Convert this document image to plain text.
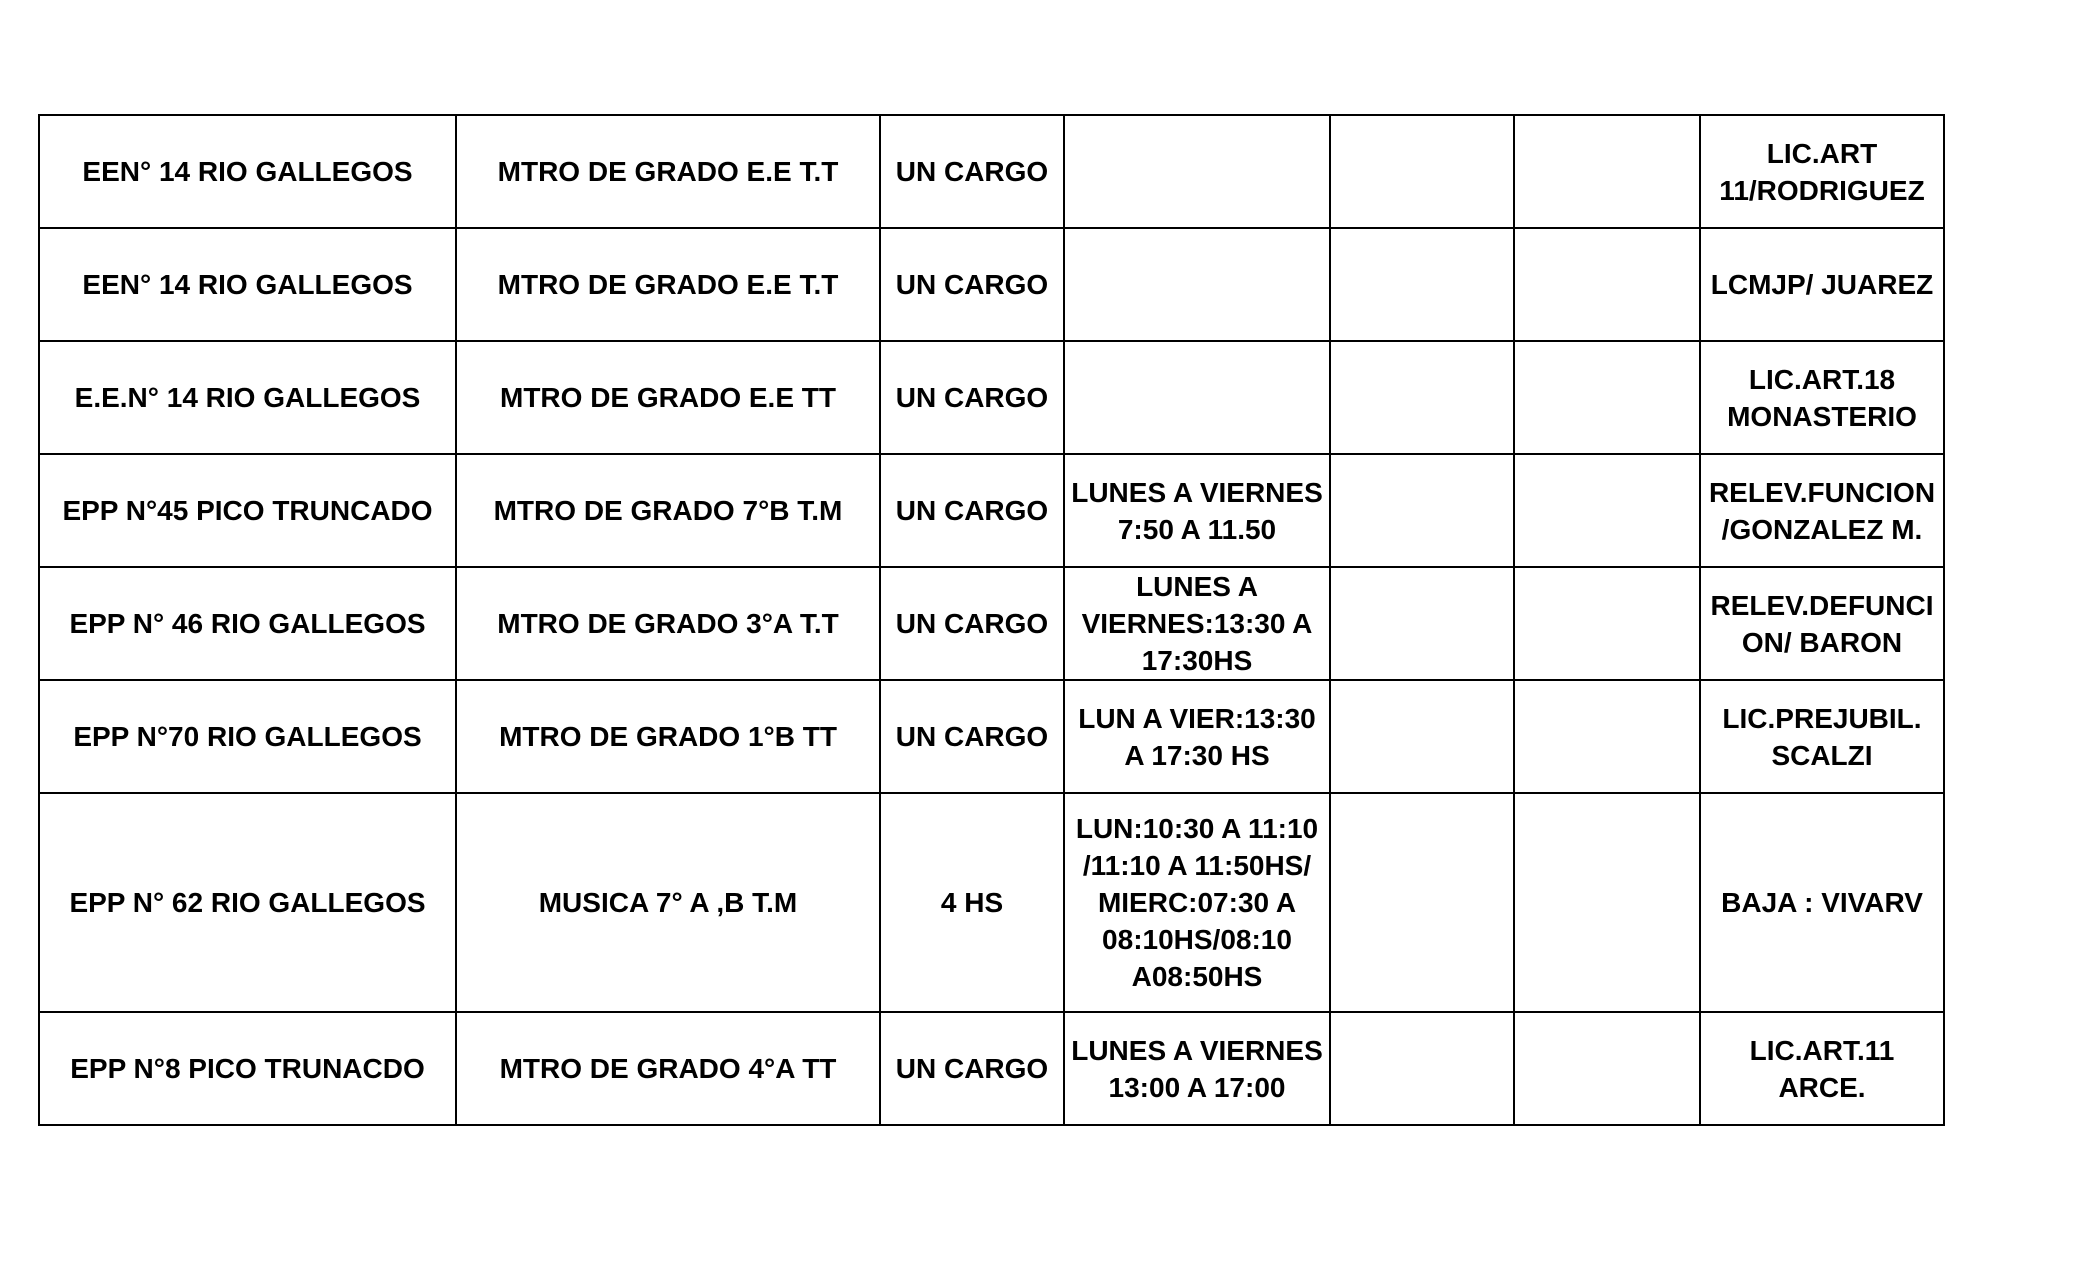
EEN° 14 RIO GALLEGOS	MTRO DE GRADO E.E T.T	UN CARGO				LIC.ART 11/RODRIGUEZ
EEN° 14 RIO GALLEGOS	MTRO DE GRADO E.E T.T	UN CARGO				LCMJP/ JUAREZ
E.E.N° 14 RIO GALLEGOS	MTRO DE GRADO E.E TT	UN CARGO				LIC.ART.18 MONASTERIO
EPP N°45 PICO TRUNCADO	MTRO DE GRADO 7°B T.M	UN CARGO	LUNES A VIERNES 7:50 A 11.50			RELEV.FUNCION/GONZALEZ M.
EPP N° 46 RIO GALLEGOS	MTRO DE GRADO 3°A T.T	UN CARGO	LUNES A VIERNES:13:30 A 17:30HS			RELEV.DEFUNCION/ BARON
EPP N°70 RIO GALLEGOS	MTRO DE GRADO 1°B TT	UN CARGO	LUN A VIER:13:30 A 17:30 HS			LIC.PREJUBIL. SCALZI
EPP N° 62 RIO GALLEGOS	MUSICA 7° A ,B T.M	4 HS	LUN:10:30 A 11:10 /11:10 A 11:50HS/ MIERC:07:30 A 08:10HS/08:10 A08:50HS			BAJA : VIVARV
EPP N°8 PICO TRUNACDO	MTRO DE GRADO 4°A TT	UN CARGO	LUNES A VIERNES 13:00 A 17:00			LIC.ART.11 ARCE.
